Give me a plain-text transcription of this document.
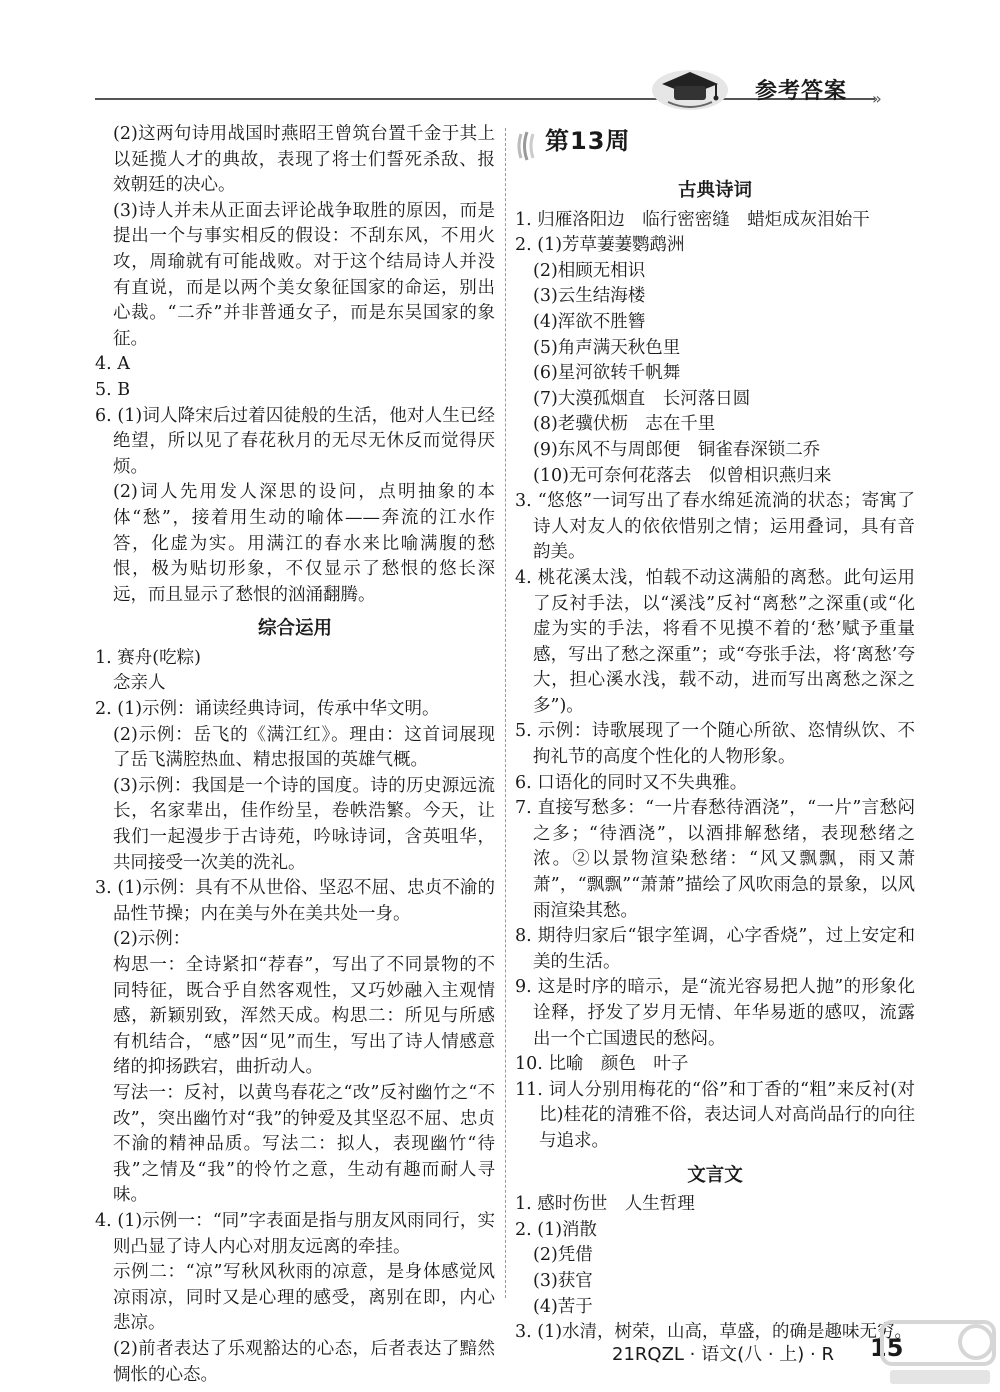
»
参考答案

(2)这两句诗用战国时燕昭王曾筑台置千金于其上以延揽人才的典故，表现了将士们誓死杀敌、报效朝廷的决心。

(3)诗人并未从正面去评论战争取胜的原因，而是提出一个与事实相反的假设：不刮东风，不用火攻，周瑜就有可能战败。对于这个结局诗人并没有直说，而是以两个美女象征国家的命运，别出心裁。“二乔”并非普通女子，而是东吴国家的象征。

4. A

5. B

6. (1)词人降宋后过着囚徒般的生活，他对人生已经绝望，所以见了春花秋月的无尽无休反而觉得厌烦。

(2)词人先用发人深思的设问，点明抽象的本体“愁”，接着用生动的喻体——奔流的江水作答，化虚为实。用满江的春水来比喻满腹的愁恨，极为贴切形象，不仅显示了愁恨的悠长深远，而且显示了愁恨的汹涌翻腾。

综合运用

1. 赛舟(吃粽)

念亲人

2. (1)示例：诵读经典诗词，传承中华文明。

(2)示例：岳飞的《满江红》。理由：这首词展现了岳飞满腔热血、精忠报国的英雄气概。

(3)示例：我国是一个诗的国度。诗的历史源远流长，名家辈出，佳作纷呈，卷帙浩繁。今天，让我们一起漫步于古诗苑，吟咏诗词，含英咀华，共同接受一次美的洗礼。

3. (1)示例：具有不从世俗、坚忍不屈、忠贞不渝的品性节操；内在美与外在美共处一身。

(2)示例：

构思一：全诗紧扣“荐春”，写出了不同景物的不同特征，既合乎自然客观性，又巧妙融入主观情感，新颖别致，浑然天成。构思二：所见与所感有机结合，“感”因“见”而生，写出了诗人情感意绪的抑扬跌宕，曲折动人。

写法一：反衬，以黄鸟春花之“改”反衬幽竹之“不改”，突出幽竹对“我”的钟爱及其坚忍不屈、忠贞不渝的精神品质。写法二：拟人，表现幽竹“待我”之情及“我”的怜竹之意，生动有趣而耐人寻味。

4. (1)示例一：“同”字表面是指与朋友风雨同行，实则凸显了诗人内心对朋友远离的牵挂。

示例二：“凉”写秋风秋雨的凉意，是身体感觉风凉雨凉，同时又是心理的感受，离别在即，内心悲凉。

(2)前者表达了乐观豁达的心态，后者表达了黯然惆怅的心态。

第13周
古典诗词

1. 归雁洛阳边　临行密密缝　蜡炬成灰泪始干

2. (1)芳草萋萋鹦鹉洲

(2)相顾无相识

(3)云生结海楼

(4)浑欲不胜簪

(5)角声满天秋色里

(6)星河欲转千帆舞

(7)大漠孤烟直　长河落日圆

(8)老骥伏枥　志在千里

(9)东风不与周郎便　铜雀春深锁二乔

(10)无可奈何花落去　似曾相识燕归来

3. “悠悠”一词写出了春水绵延流淌的状态；寄寓了诗人对友人的依依惜别之情；运用叠词，具有音韵美。

4. 桃花溪太浅，怕载不动这满船的离愁。此句运用了反衬手法，以“溪浅”反衬“离愁”之深重(或“化虚为实的手法，将看不见摸不着的‘愁’赋予重量感，写出了愁之深重”；或“夸张手法，将‘离愁’夸大，担心溪水浅，载不动，进而写出离愁之深之多”)。

5. 示例：诗歌展现了一个随心所欲、恣情纵饮、不拘礼节的高度个性化的人物形象。

6. 口语化的同时又不失典雅。

7. 直接写愁多：“一片春愁待酒浇”，“一片”言愁闷之多；“待酒浇”，以酒排解愁绪，表现愁绪之浓。②以景物渲染愁绪：“风又飘飘，雨又萧萧”，“飘飘”“萧萧”描绘了风吹雨急的景象，以风雨渲染其愁。

8. 期待归家后“银字笙调，心字香烧”，过上安定和美的生活。

9. 这是时序的暗示，是“流光容易把人抛”的形象化诠释，抒发了岁月无情、年华易逝的感叹，流露出一个亡国遗民的愁闷。

10. 比喻　颜色　叶子

11. 词人分别用梅花的“俗”和丁香的“粗”来反衬(对比)桂花的清雅不俗，表达词人对高尚品行的向往与追求。

文言文

1. 感时伤世　人生哲理

2. (1)消散

(2)凭借

(3)获官

(4)苦于

3. (1)水清，树荣，山高，草盛，的确是趣味无穷。

21RQZL · 语文(八 · 上) · R 15
